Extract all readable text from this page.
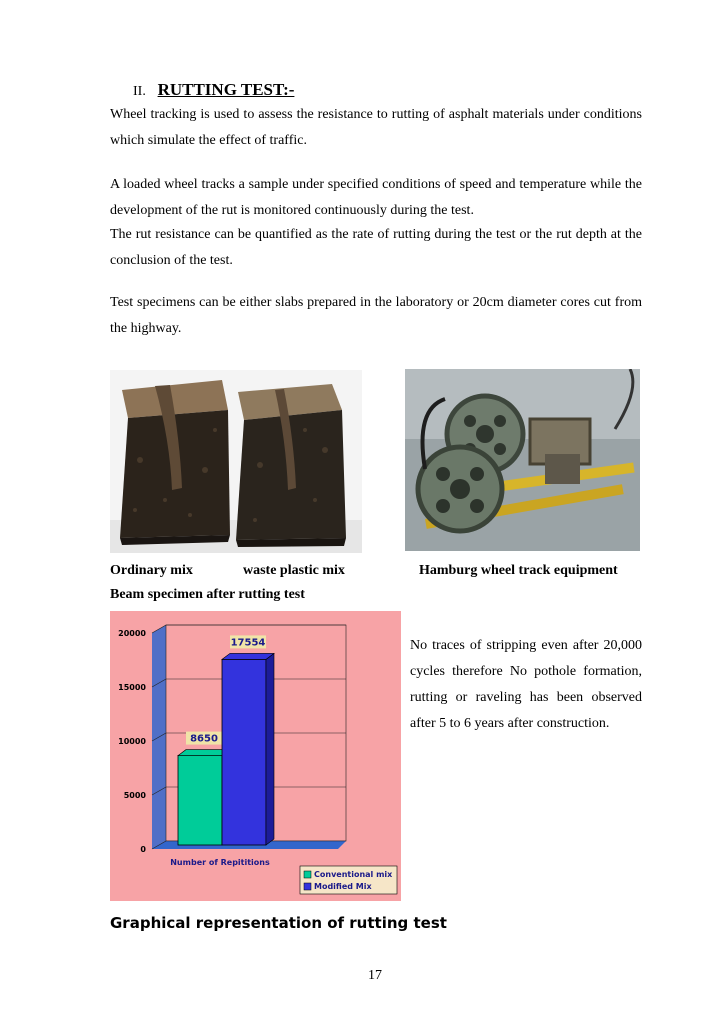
II. RUTTING TEST:-
Wheel tracking is used to assess the resistance to rutting of asphalt materials under conditions which simulate the effect of traffic.
A loaded wheel tracks a sample under specified conditions of speed and temperature while the development of the rut is monitored continuously during the test.
The rut resistance can be quantified as the rate of rutting during the test or the rut depth at the conclusion of the test.
Test specimens can be either slabs prepared in the laboratory or 20cm diameter cores cut from the highway.
Ordinary mix	waste plastic mix	Hamburg wheel track equipment
Beam specimen after rutting test
0
5000
10000
15000
20000
8650
17554
Number of Repititions
Conventional mix
Modified Mix
No traces of stripping even after 20,000 cycles therefore No pothole formation, rutting or raveling has been observed after 5 to 6 years after construction.
Graphical representation of rutting test
17
